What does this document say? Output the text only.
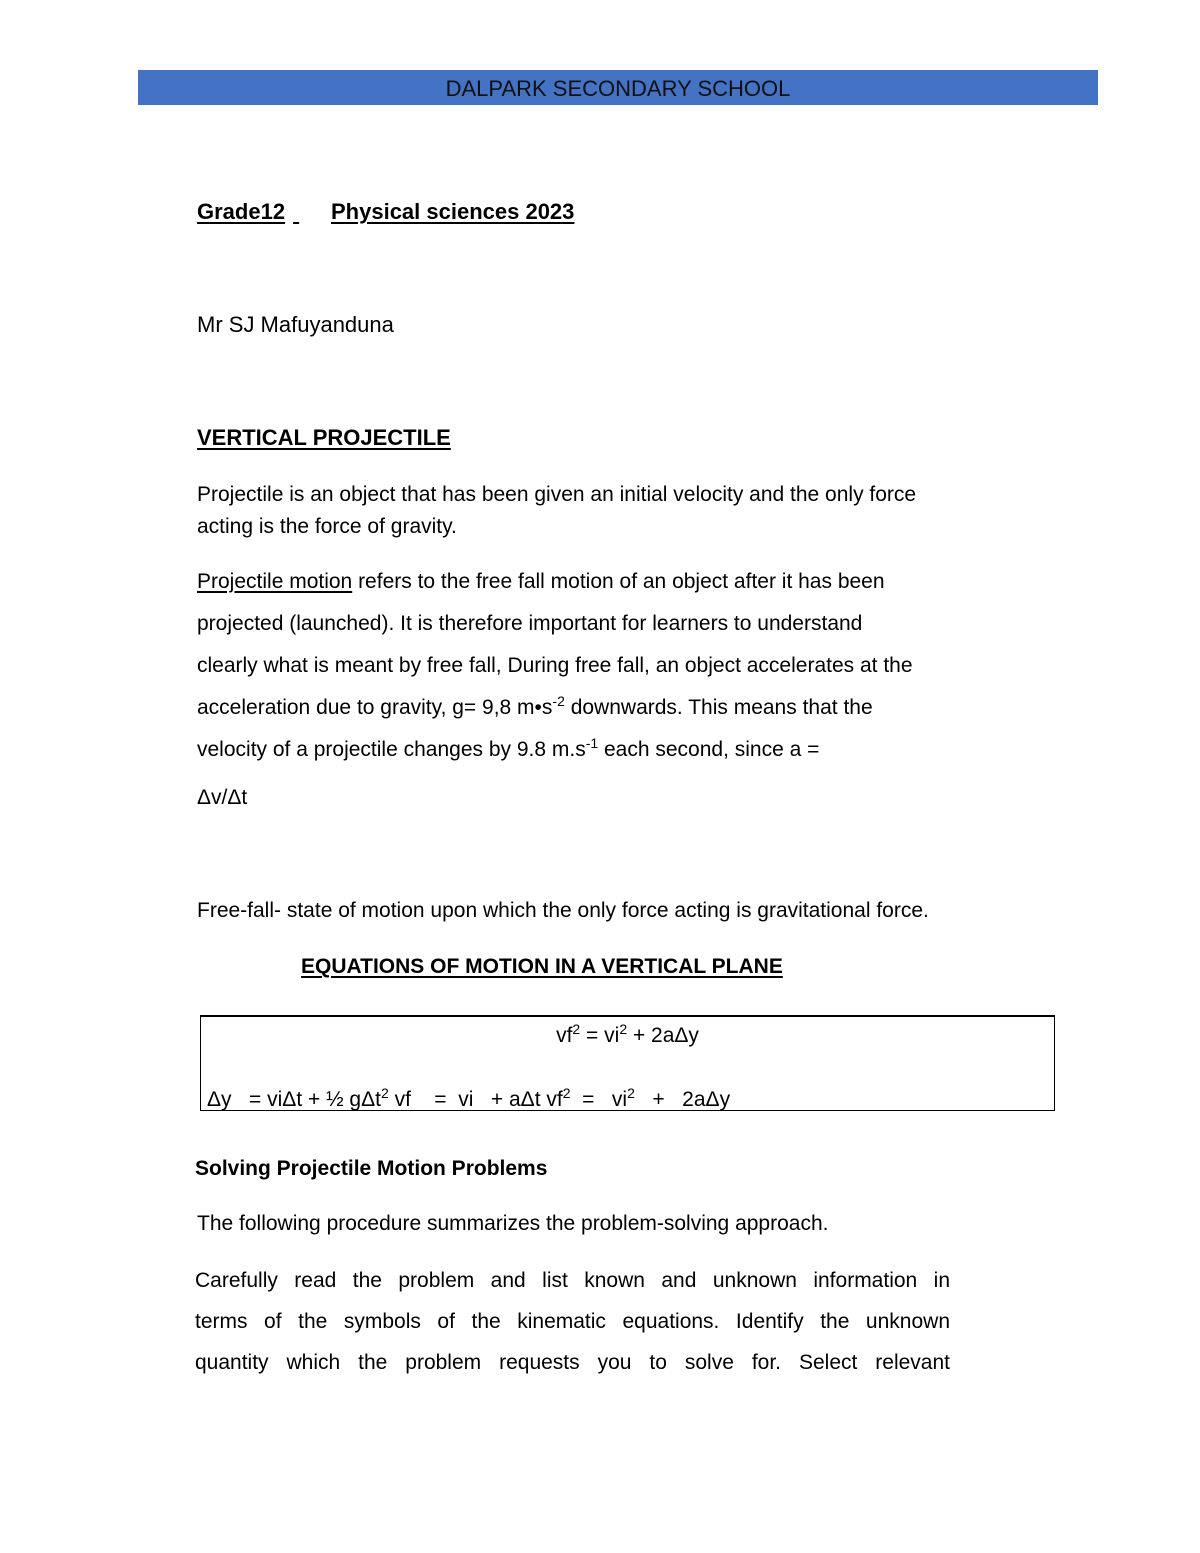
DALPARK SECONDARY SCHOOL
Grade12
Physical sciences 2023
Mr SJ Mafuyanduna
VERTICAL PROJECTILE
Projectile is an object that has been given an initial velocity and the only force
acting is the force of gravity.
Projectile motion refers to the free fall motion of an object after it has been
projected (launched). It is therefore important for learners to understand
clearly what is meant by free fall, During free fall, an object accelerates at the
acceleration due to gravity, g= 9,8 $m•s^{-2}$ downwards. This means that the
velocity of a projectile changes by 9.8 $m.s^{-1}$ each second, since a =
Δv/Δt
Free-fall- state of motion upon which the only force acting is gravitational force.
EQUATIONS OF MOTION IN A VERTICAL PLANE
$vf^2 = vi^2 + 2a\Delta y$
Δy   = viΔt + ½ gΔt$^2$ vf    =  vi   + aΔt $vf^2 = vi^2 + 2a\Delta y$
Solving Projectile Motion Problems
The following procedure summarizes the problem-solving approach.
Carefully read the problem and list known and unknown information in
terms of the symbols of the kinematic equations. Identify the unknown
quantity which the problem requests you to solve for. Select relevant
